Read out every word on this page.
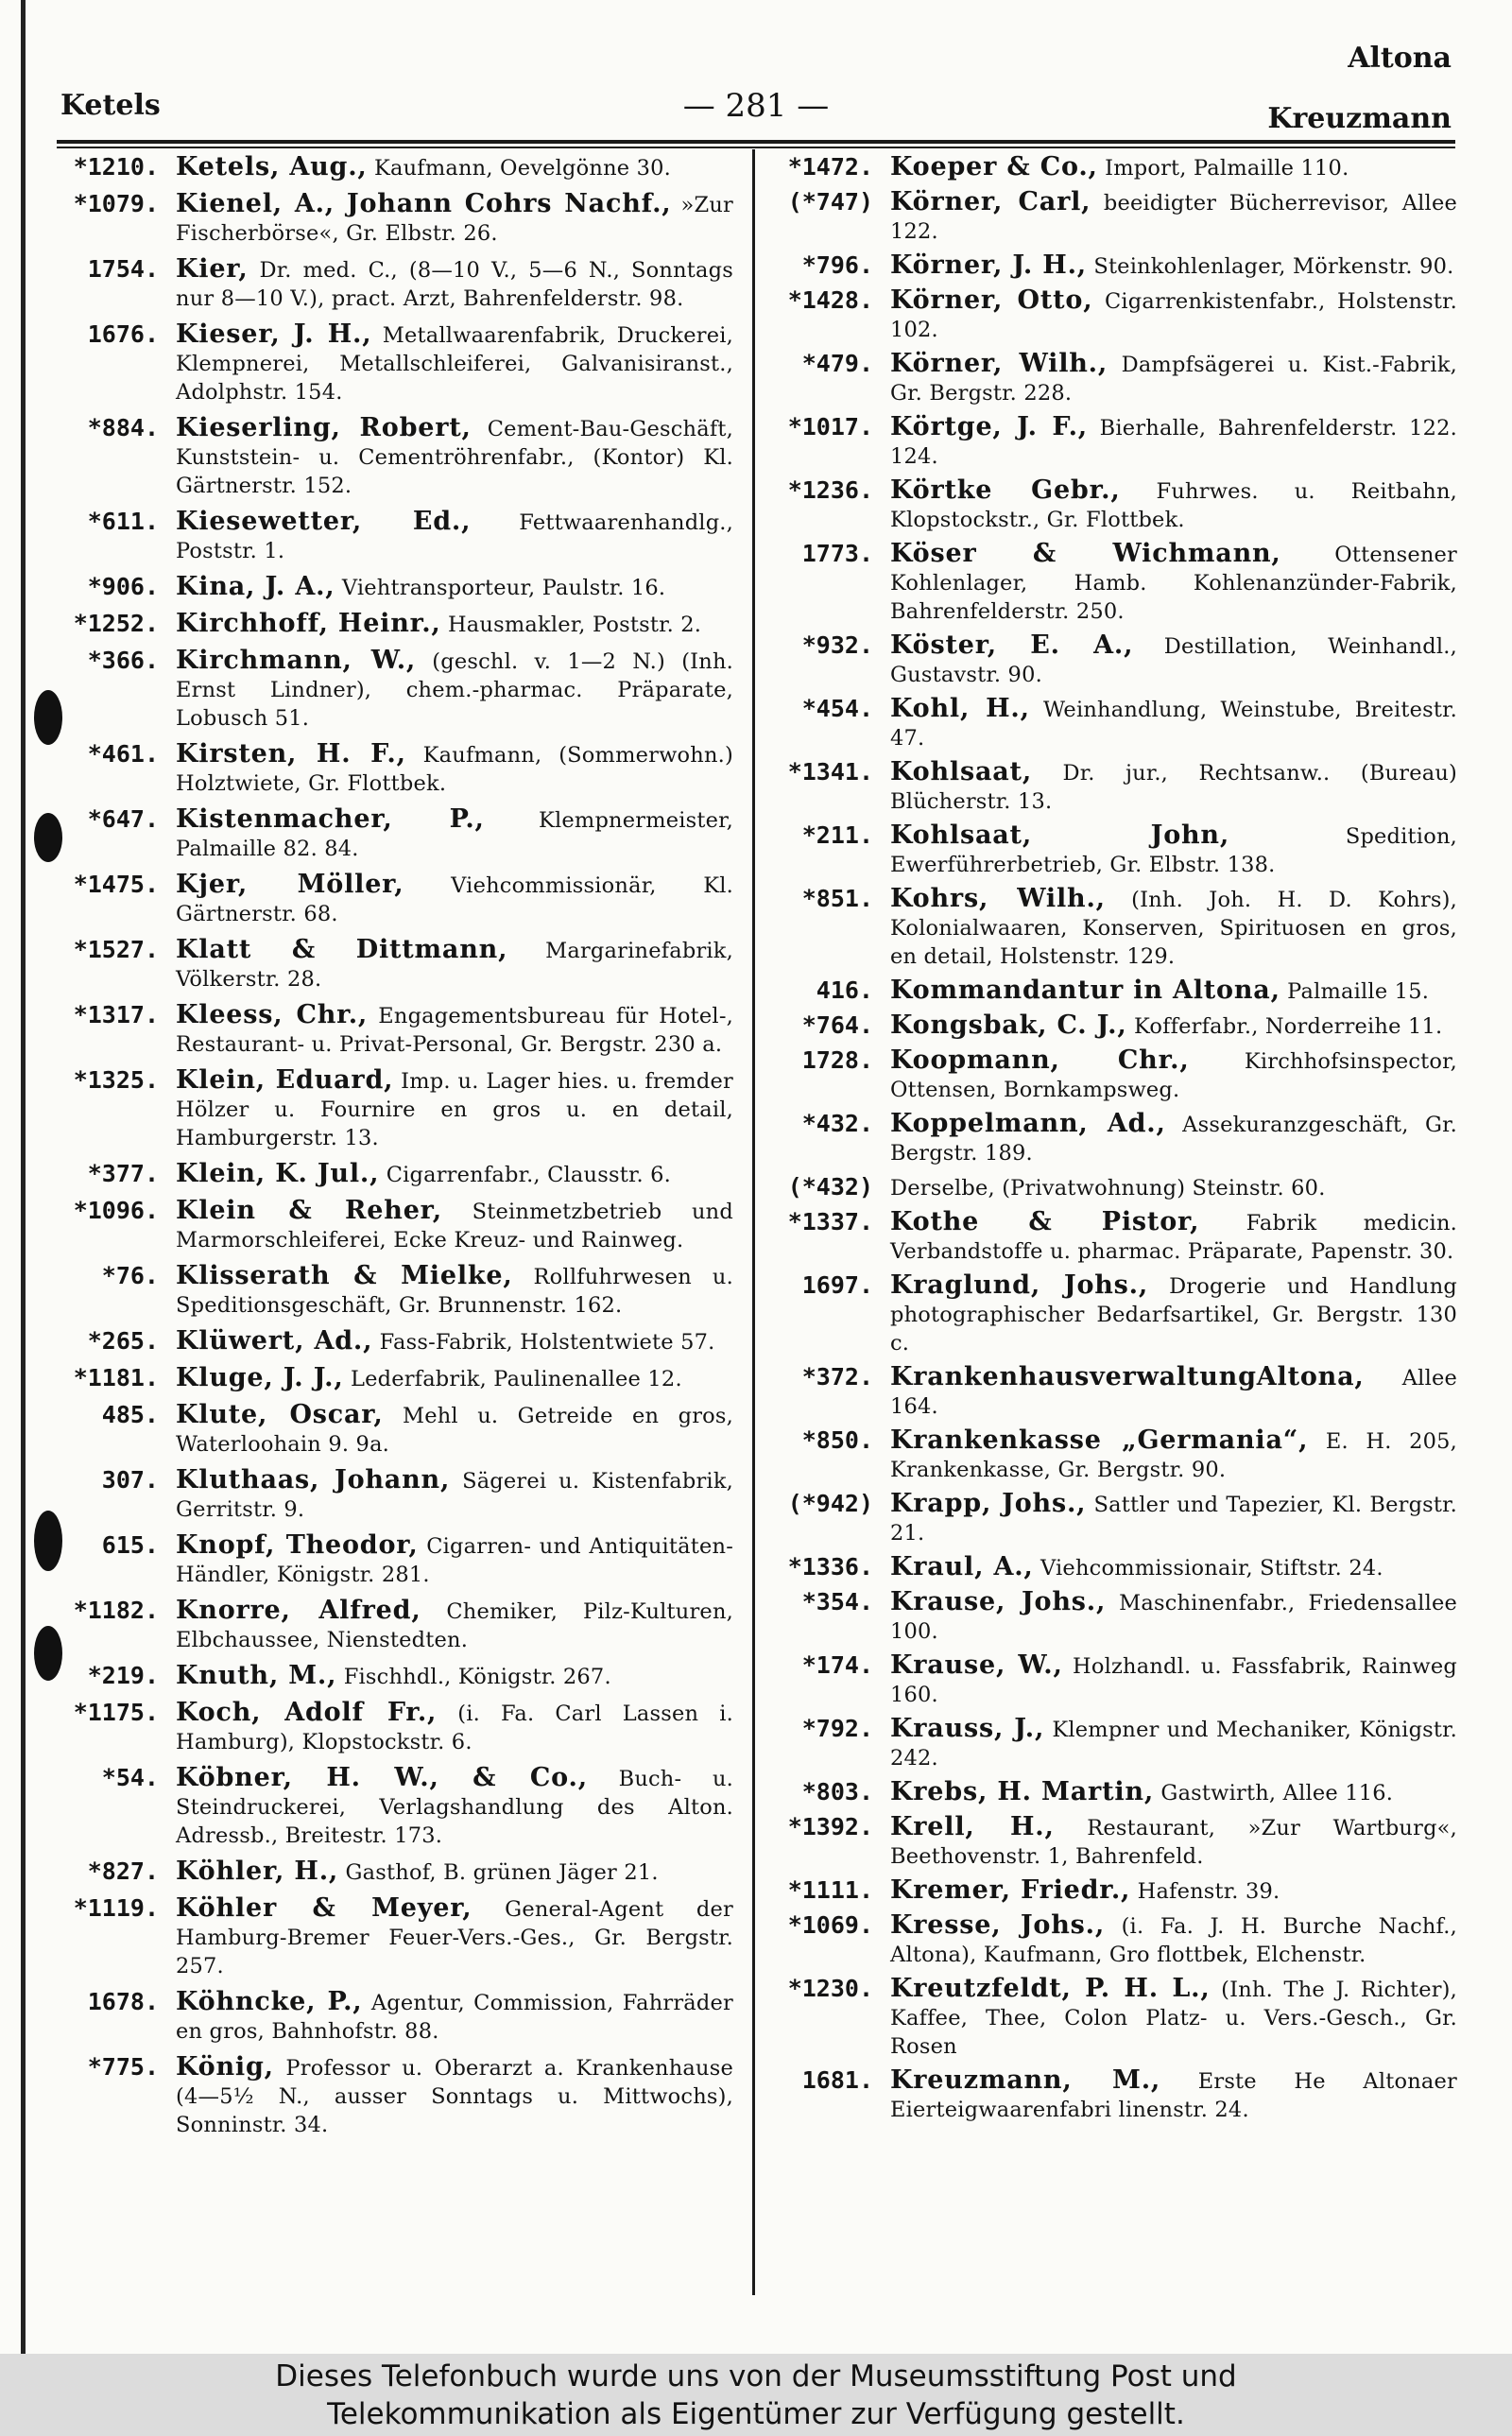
Ketels	— 281 —
Altona
Kreuzmann
*1210. Ketels, Aug., Kaufmann, Oevelgönne 30.
*1079. Kienel, A., Johann Cohrs Nachf., »Zur Fischerbörse«, Gr. Elbstr. 26.
1754. Kier, Dr. med. C., (8—10 V., 5—6 N., Sonntags nur 8—10 V.), pract. Arzt, Bahrenfelderstr. 98.
1676. Kieser, J. H., Metallwaarenfabrik, Druckerei, Klempnerei, Metallschleiferei, Galvanisiranst., Adolphstr. 154.
*884. Kieserling, Robert, Cement-Bau-Geschäft, Kunststein- u. Cementröhrenfabr., (Kontor) Kl. Gärtnerstr. 152.
*611. Kiesewetter, Ed., Fettwaarenhandlg., Poststr. 1.
*906. Kina, J. A., Viehtransporteur, Paulstr. 16.
*1252. Kirchhoff, Heinr., Hausmakler, Poststr. 2.
*366. Kirchmann, W., (geschl. v. 1—2 N.) (Inh. Ernst Lindner), chem.-pharmac. Präparate, Lobusch 51.
*461. Kirsten, H. F., Kaufmann, (Sommerwohn.) Holztwiete, Gr. Flottbek.
*647. Kistenmacher, P.,	Klempnermeister, Palmaille 82. 84.
*1475. Kjer, Möller, Viehcommissionär, Kl. Gärtnerstr. 68.
*1527. Klatt & Dittmann, Margarinefabrik, Völkerstr. 28.
*1317. Kleess, Chr., Engagementsbureau für Hotel-, Restaurant- u. Privat-Personal, Gr. Bergstr. 230 a.
*1325. Klein, Eduard, Imp. u. Lager hies. u. fremder Hölzer u. Fournire en gros u. en detail, Hamburgerstr. 13.
*377. Klein, K. Jul., Cigarrenfabr., Clausstr. 6.
*1096. Klein & Reher, Steinmetzbetrieb und Marmorschleiferei, Ecke Kreuz- und Rainweg.
*76. Klisserath & Mielke, Rollfuhrwesen u. Speditionsgeschäft, Gr. Brunnenstr. 162.
*265. Klüwert, Ad., Fass-Fabrik, Holstentwiete 57.
*1181. Kluge, J. J., Lederfabrik, Paulinenallee 12.
485. Klute, Oscar, Mehl u. Getreide en gros, Waterloohain 9. 9a.
307. Kluthaas, Johann, Sägerei u. Kistenfabrik, Gerritstr. 9.
615. Knopf, Theodor, Cigarren- und Antiquitäten-Händler, Königstr. 281.
*1182. Knorre, Alfred, Chemiker, Pilz-Kulturen, Elbchaussee, Nienstedten.
*219. Knuth, M., Fischhdl., Königstr. 267.
*1175. Koch, Adolf Fr., (i. Fa. Carl Lassen i. Hamburg), Klopstockstr. 6.
*54. Köbner, H. W., & Co., Buch- u. Steindruckerei, Verlagshandlung des Alton. Adressb., Breitestr. 173.
*827. Köhler, H., Gasthof, B. grünen Jäger 21.
*1119. Köhler & Meyer, General-Agent der Hamburg-Bremer Feuer-Vers.-Ges., Gr. Bergstr. 257.
1678. Köhncke, P., Agentur, Commission, Fahrräder en gros, Bahnhofstr. 88.
*775. König, Professor u. Oberarzt a. Krankenhause (4—5½ N., ausser Sonntags u. Mittwochs), Sonninstr. 34.
*1472. Koeper & Co., Import, Palmaille 110.
(*747) Körner, Carl, beeidigter Bücherrevisor, Allee 122.
*796. Körner, J. H., Steinkohlenlager, Mörkenstr. 90.
*1428. Körner, Otto, Cigarrenkistenfabr., Holstenstr. 102.
*479. Körner, Wilh., Dampfsägerei u. Kist.-Fabrik, Gr. Bergstr. 228.
*1017. Körtge, J. F., Bierhalle, Bahrenfelderstr. 122. 124.
*1236. Körtke Gebr., Fuhrwes. u. Reitbahn, Klopstockstr., Gr. Flottbek.
1773. Köser & Wichmann,	Ottensener Kohlenlager, Hamb. Kohlenanzünder-Fabrik, Bahrenfelderstr. 250.
*932. Köster, E. A., Destillation, Weinhandl., Gustavstr. 90.
*454. Kohl, H., Weinhandlung, Weinstube, Breitestr. 47.
*1341. Kohlsaat, Dr. jur., Rechtsanw.. (Bureau) Blücherstr. 13.
*211. Kohlsaat, John,	Spedition, Ewerführerbetrieb, Gr. Elbstr. 138.
*851. Kohrs, Wilh., (Inh. Joh. H. D. Kohrs), Kolonialwaaren, Konserven, Spirituosen en gros, en detail, Holstenstr. 129.
416. Kommandantur in Altona, Palmaille 15.
*764. Kongsbak, C. J., Kofferfabr., Norderreihe 11.
1728. Koopmann, Chr.,	Kirchhofsinspector, Ottensen, Bornkampsweg.
*432. Koppelmann, Ad., Assekuranzgeschäft, Gr. Bergstr. 189.
(*432) Derselbe, (Privatwohnung) Steinstr. 60.
*1337. Kothe & Pistor, Fabrik medicin. Verbandstoffe u. pharmac. Präparate, Papenstr. 30.
1697. Kraglund, Johs., Drogerie und Handlung photographischer Bedarfsartikel, Gr. Bergstr. 130 c.
*372. KrankenhausverwaltungAltona, Allee 164.
*850. Krankenkasse „Germania“, E. H. 205, Krankenkasse, Gr. Bergstr. 90.
(*942) Krapp, Johs., Sattler und Tapezier, Kl. Bergstr. 21.
*1336. Kraul, A., Viehcommissionair, Stiftstr. 24.
*354. Krause, Johs., Maschinenfabr., Friedensallee 100.
*174. Krause, W., Holzhandl. u. Fassfabrik, Rainweg 160.
*792. Krauss, J., Klempner und Mechaniker, Königstr. 242.
*803. Krebs, H. Martin, Gastwirth, Allee 116.
*1392. Krell, H., Restaurant, »Zur Wartburg«, Beethovenstr. 1, Bahrenfeld.
*1111. Kremer, Friedr., Hafenstr. 39.
*1069. Kresse, Johs., (i. Fa. J. H. Burche Nachf., Altona), Kaufmann, Gro flottbek, Elchenstr.
*1230. Kreutzfeldt, P. H. L., (Inh. The J. Richter), Kaffee, Thee, Colon Platz- u. Vers.-Gesch., Gr. Rosen
1681. Kreuzmann, M., Erste He Altonaer Eierteigwaarenfabri linenstr. 24.
Dieses Telefonbuch wurde uns von der Museumsstiftung Post und
Telekommunikation als Eigentümer zur Verfügung gestellt.
